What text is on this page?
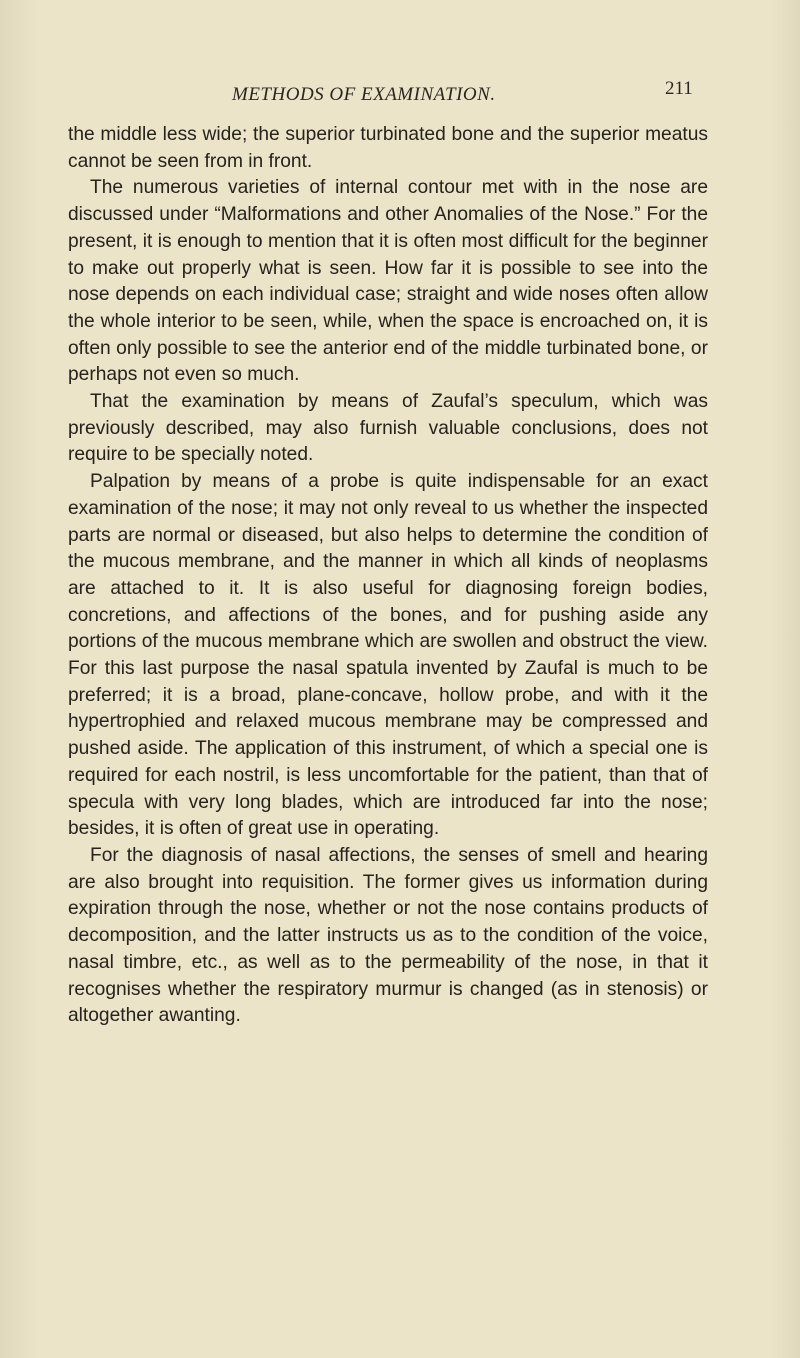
METHODS OF EXAMINATION.	211

the middle less wide; the superior turbinated bone and the superior meatus cannot be seen from in front.

The numerous varieties of internal contour met with in the nose are discussed under “Malformations and other Anomalies of the Nose.” For the present, it is enough to mention that it is often most difficult for the beginner to make out properly what is seen. How far it is possible to see into the nose depends on each individual case; straight and wide noses often allow the whole interior to be seen, while, when the space is encroached on, it is often only possible to see the anterior end of the middle turbinated bone, or perhaps not even so much.

That the examination by means of Zaufal’s speculum, which was previously described, may also furnish valuable conclusions, does not require to be specially noted.

Palpation by means of a probe is quite indispensable for an exact examination of the nose; it may not only reveal to us whether the inspected parts are normal or diseased, but also helps to determine the condition of the mucous membrane, and the manner in which all kinds of neoplasms are attached to it. It is also useful for diagnosing foreign bodies, concretions, and affections of the bones, and for pushing aside any portions of the mucous membrane which are swollen and obstruct the view. For this last purpose the nasal spatula invented by Zaufal is much to be preferred; it is a broad, plane-concave, hollow probe, and with it the hypertrophied and relaxed mucous membrane may be compressed and pushed aside. The application of this instrument, of which a special one is required for each nostril, is less uncomfortable for the patient, than that of specula with very long blades, which are introduced far into the nose; besides, it is often of great use in operating.

For the diagnosis of nasal affections, the senses of smell and hearing are also brought into requisition. The former gives us information during expiration through the nose, whether or not the nose contains products of decomposition, and the latter instructs us as to the condition of the voice, nasal timbre, etc., as well as to the permeability of the nose, in that it recognises whether the respiratory murmur is changed (as in stenosis) or altogether awanting.
